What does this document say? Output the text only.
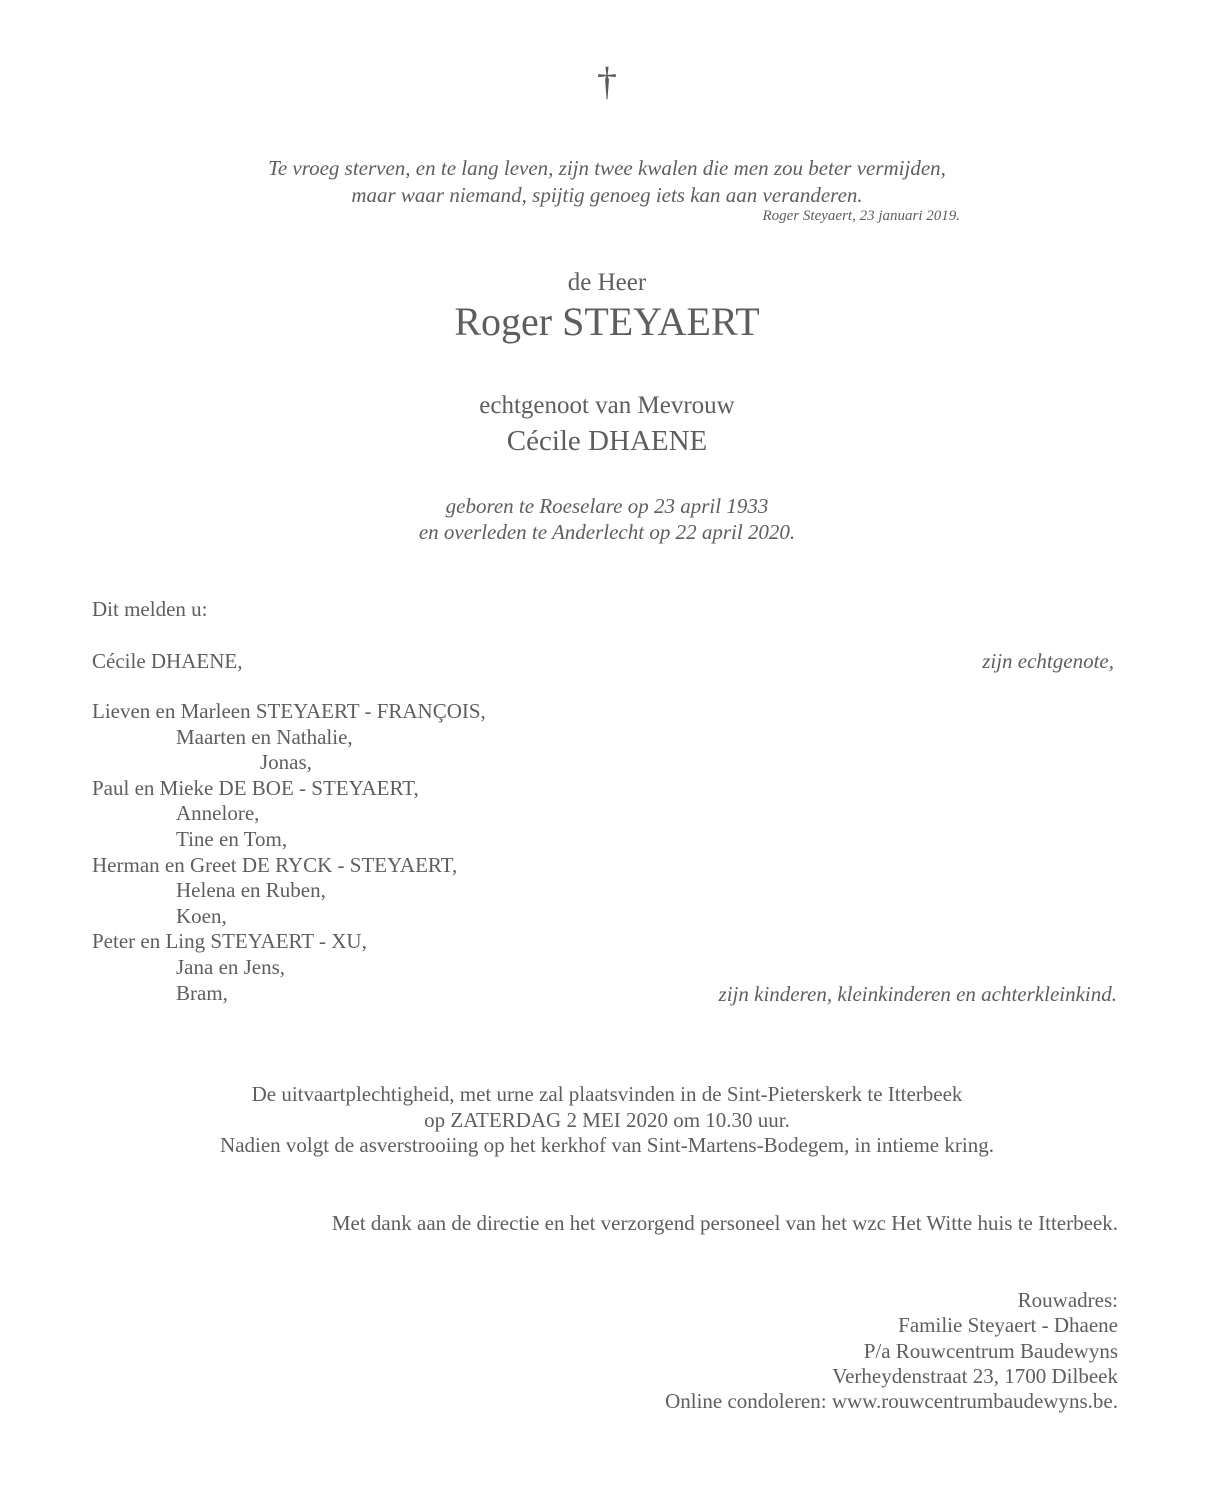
†
Te vroeg sterven, en te lang leven, zijn twee kwalen die men zou beter vermijden,
maar waar niemand, spijtig genoeg iets kan aan veranderen.
Roger Steyaert, 23 januari 2019.
de Heer
Roger STEYAERT
echtgenoot van Mevrouw
Cécile DHAENE
geboren te Roeselare op 23 april 1933
en overleden te Anderlecht op 22 april 2020.
Dit melden u:
Cécile DHAENE,	zijn echtgenote,
Lieven en Marleen STEYAERT - FRANÇOIS,
Maarten en Nathalie,
Jonas,
Paul en Mieke DE BOE - STEYAERT,
Annelore,
Tine en Tom,
Herman en Greet DE RYCK - STEYAERT,
Helena en Ruben,
Koen,
Peter en Ling STEYAERT - XU,
Jana en Jens,
Bram,	zijn kinderen, kleinkinderen en achterkleinkind.
De uitvaartplechtigheid, met urne zal plaatsvinden in de Sint-Pieterskerk te Itterbeek
op ZATERDAG 2 MEI 2020 om 10.30 uur.
Nadien volgt de asverstrooiing op het kerkhof van Sint-Martens-Bodegem, in intieme kring.
Met dank aan de directie en het verzorgend personeel van het wzc Het Witte huis te Itterbeek.
Rouwadres:
Familie Steyaert - Dhaene
P/a Rouwcentrum Baudewyns
Verheydenstraat 23, 1700 Dilbeek
Online condoleren: www.rouwcentrumbaudewyns.be.
